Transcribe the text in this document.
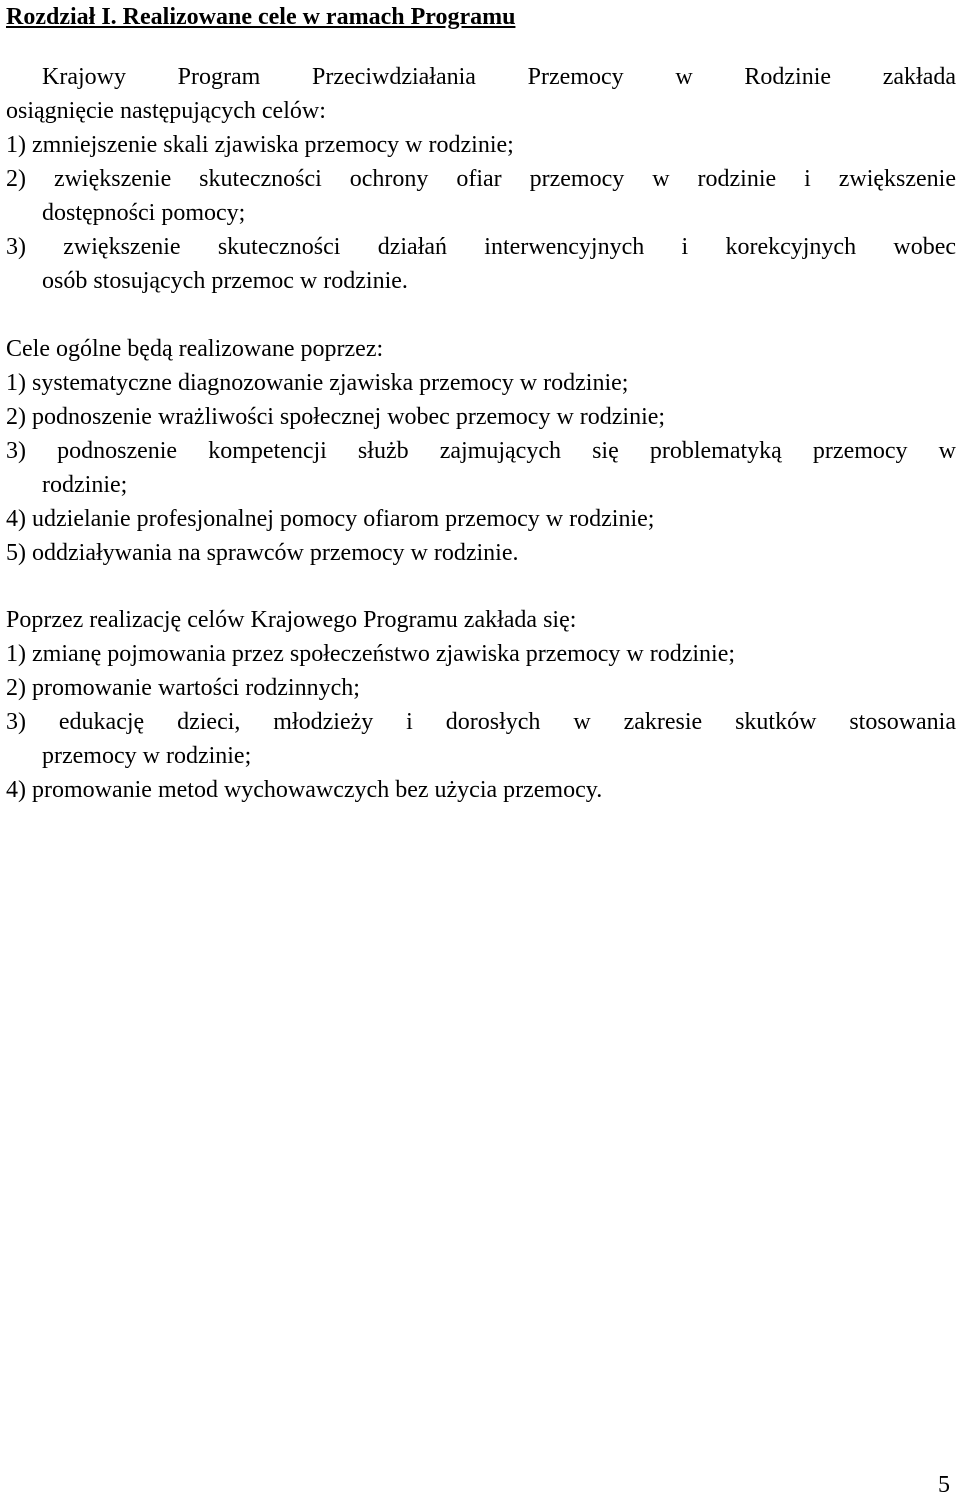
Rozdział I. Realizowane cele w ramach Programu
Krajowy Program Przeciwdziałania Przemocy w Rodzinie zakłada
osiągnięcie następujących celów:
1) zmniejszenie skali zjawiska przemocy w rodzinie;
2) zwiększenie skuteczności ochrony ofiar przemocy w rodzinie i zwiększenie
dostępności pomocy;
3) zwiększenie skuteczności działań interwencyjnych i korekcyjnych wobec
osób stosujących przemoc w rodzinie.
Cele ogólne będą realizowane poprzez:
1) systematyczne diagnozowanie zjawiska przemocy w rodzinie;
2) podnoszenie wrażliwości społecznej wobec przemocy w rodzinie;
3) podnoszenie kompetencji służb zajmujących się problematyką przemocy w
rodzinie;
4) udzielanie profesjonalnej pomocy ofiarom przemocy w rodzinie;
5) oddziaływania na sprawców przemocy w rodzinie.
Poprzez realizację celów Krajowego Programu zakłada się:
1) zmianę pojmowania przez społeczeństwo zjawiska przemocy w rodzinie;
2) promowanie wartości rodzinnych;
3) edukację dzieci, młodzieży i dorosłych w zakresie skutków stosowania
przemocy w rodzinie;
4) promowanie metod wychowawczych bez użycia przemocy.
5
